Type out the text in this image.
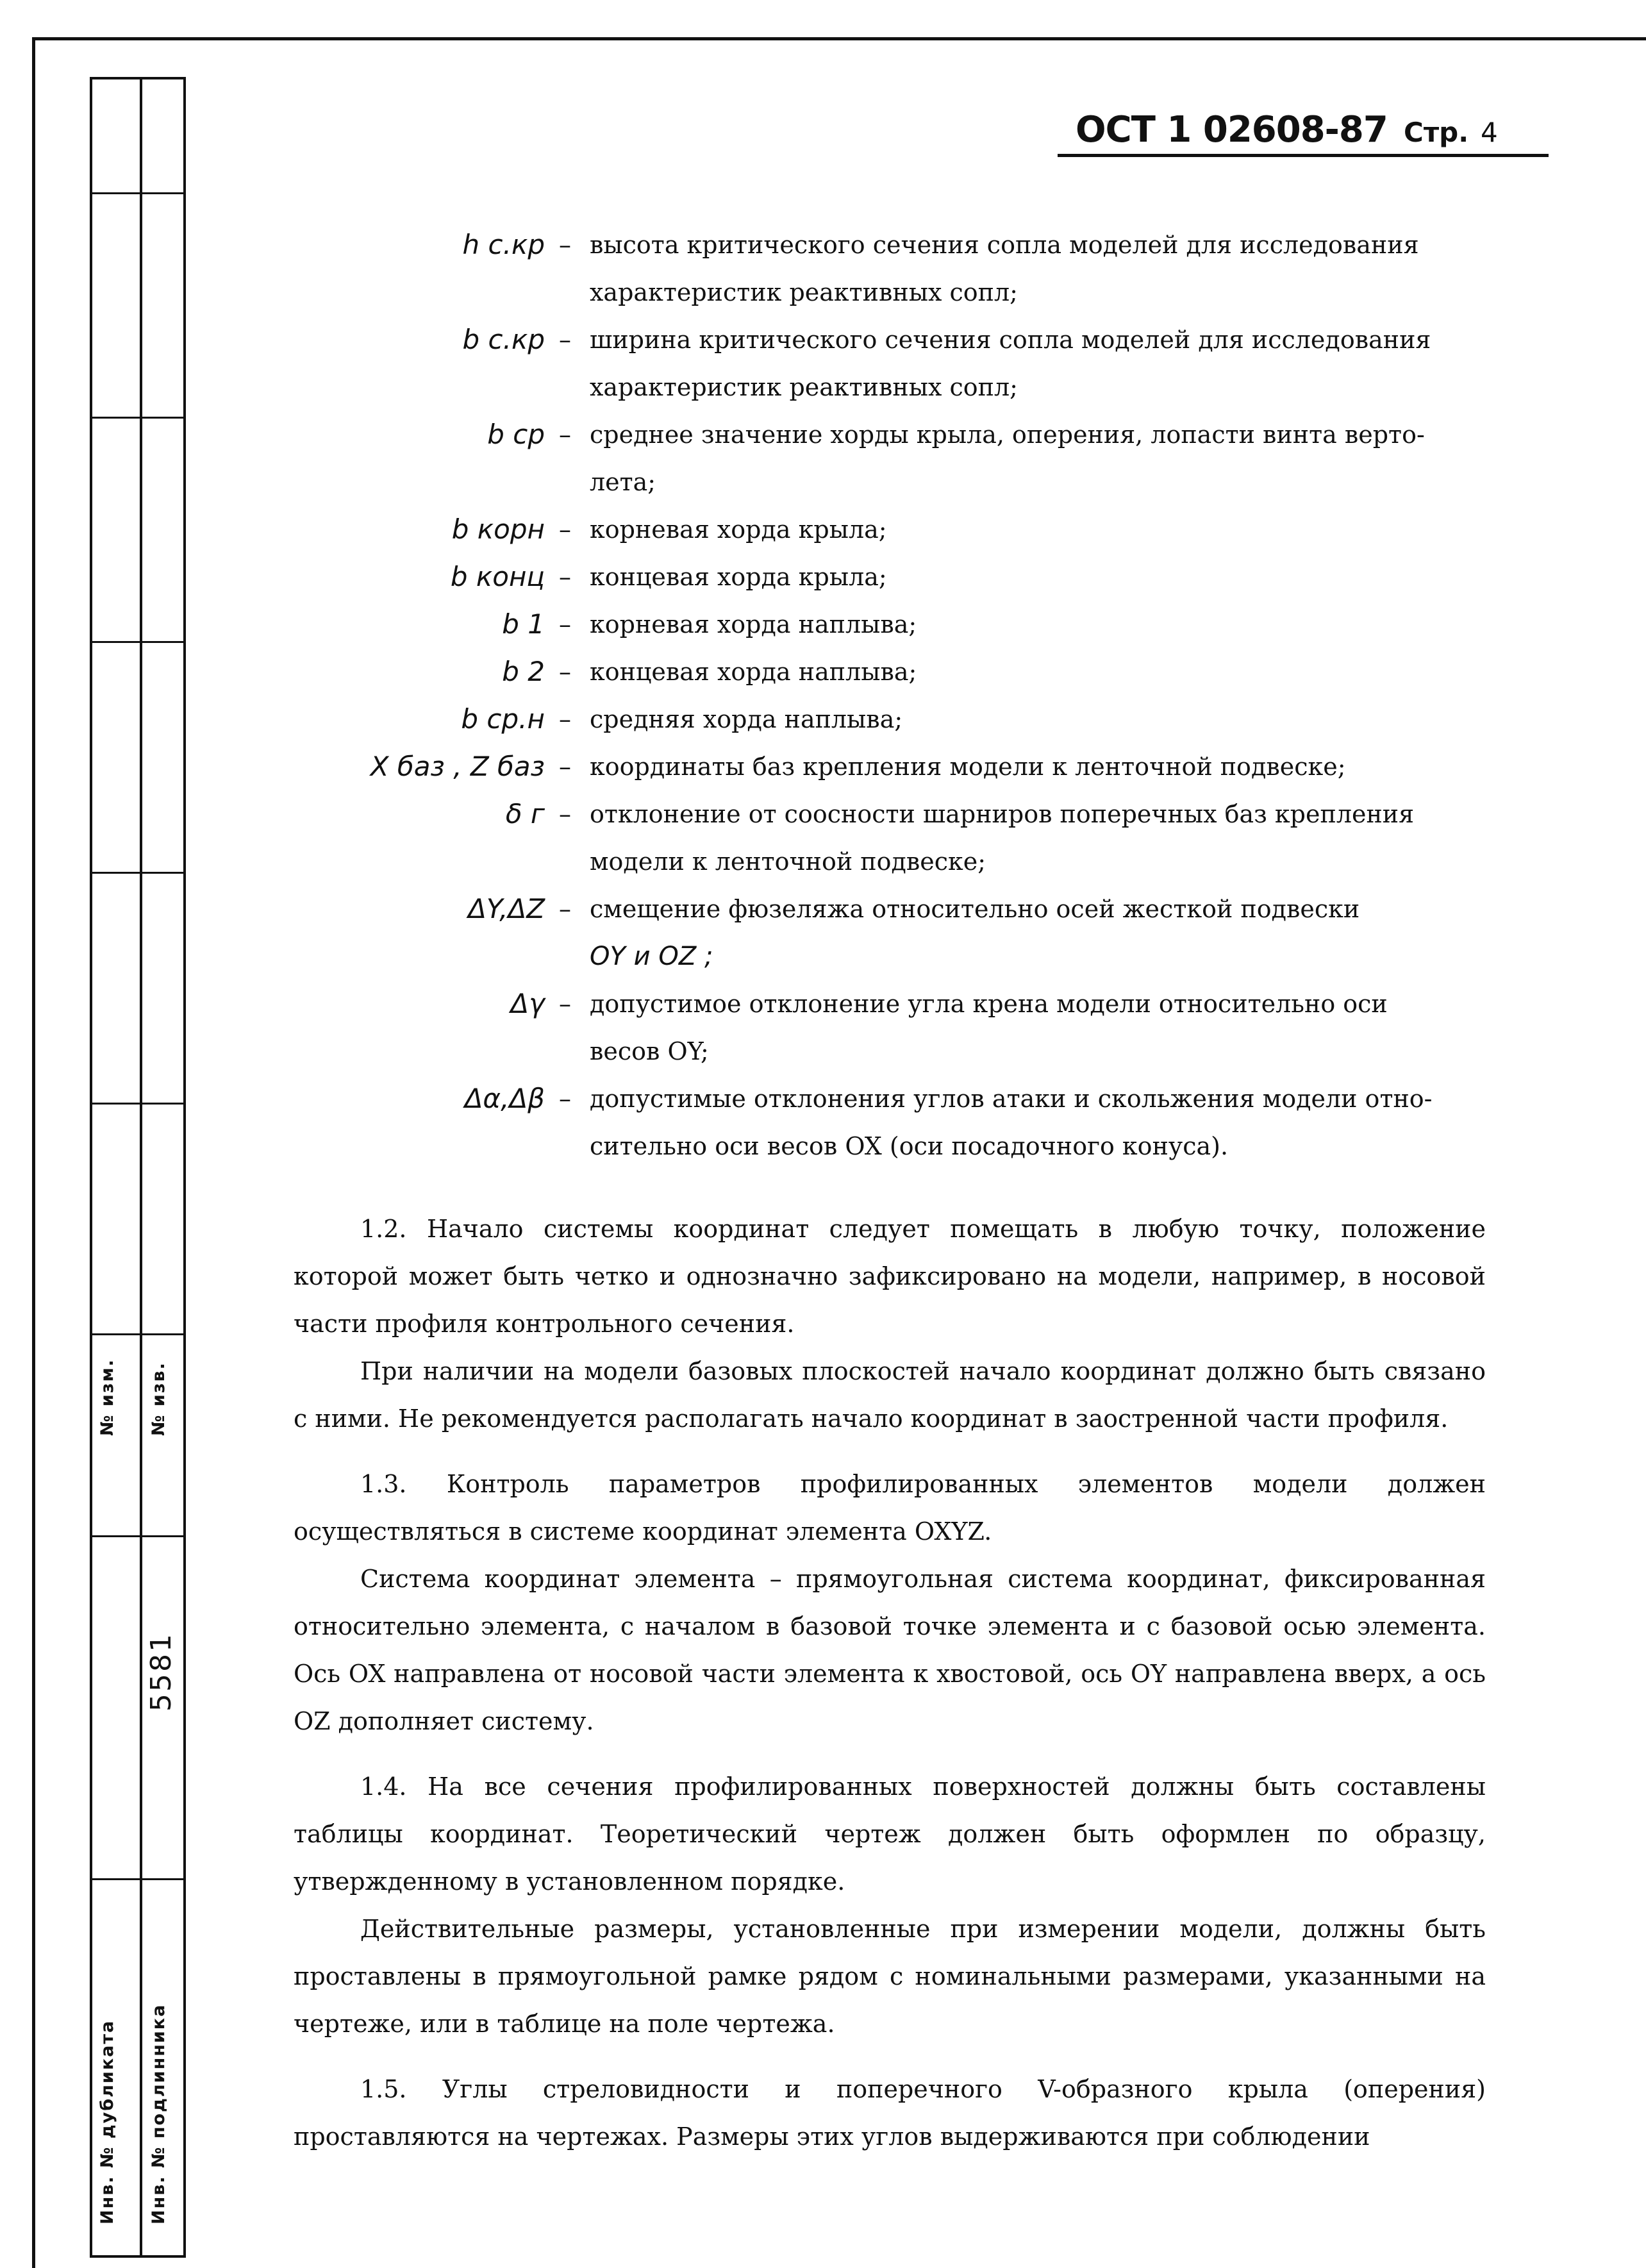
№ изм. № изв.
5581
Инв. № дубликата Инв. № подлинника
ОСТ 1 02608-87 Стр. 4
h c.кр – высота критического сечения сопла моделей для исследования
характеристик реактивных сопл;
b c.кр – ширина критического сечения сопла моделей для исследования
характеристик реактивных сопл;
b ср – среднее значение хорды крыла, оперения, лопасти винта верто-
лета;
b корн – корневая хорда крыла;
b конц – концевая хорда крыла;
b 1 – корневая хорда наплыва;
b 2 – концевая хорда наплыва;
b ср.н – средняя хорда наплыва;
X баз , Z баз – координаты баз крепления модели к ленточной подвеске;
δ г – отклонение от соосности шарниров поперечных баз крепления
модели к ленточной подвеске;
ΔY,ΔZ – смещение фюзеляжа относительно осей жесткой подвески
OY и OZ ;
Δγ – допустимое отклонение угла крена модели относительно оси
весов OY;
Δα,Δβ – допустимые отклонения углов атаки и скольжения модели отно-
сительно оси весов OX (оси посадочного конуса).

1.2. Начало системы координат следует помещать в любую точку, положение которой может быть четко и однозначно зафиксировано на модели, например, в носовой части профиля контрольного сечения.

При наличии на модели базовых плоскостей начало координат должно быть связано с ними. Не рекомендуется располагать начало координат в заостренной части профиля.

1.3. Контроль параметров профилированных элементов модели должен осуществляться в системе координат элемента OXYZ.

Система координат элемента – прямоугольная система координат, фиксированная относительно элемента, с началом в базовой точке элемента и с базовой осью элемента. Ось OX направлена от носовой части элемента к хвостовой, ось OY направлена вверх, а ось OZ дополняет систему.

1.4. На все сечения профилированных поверхностей должны быть составлены таблицы координат. Теоретический чертеж должен быть оформлен по образцу, утвержденному в установленном порядке.

Действительные размеры, установленные при измерении модели, должны быть проставлены в прямоугольной рамке рядом с номинальными размерами, указанными на чертеже, или в таблице на поле чертежа.

1.5. Углы стреловидности и поперечного V-образного крыла (оперения) проставляются на чертежах. Размеры этих углов выдерживаются при соблюдении
